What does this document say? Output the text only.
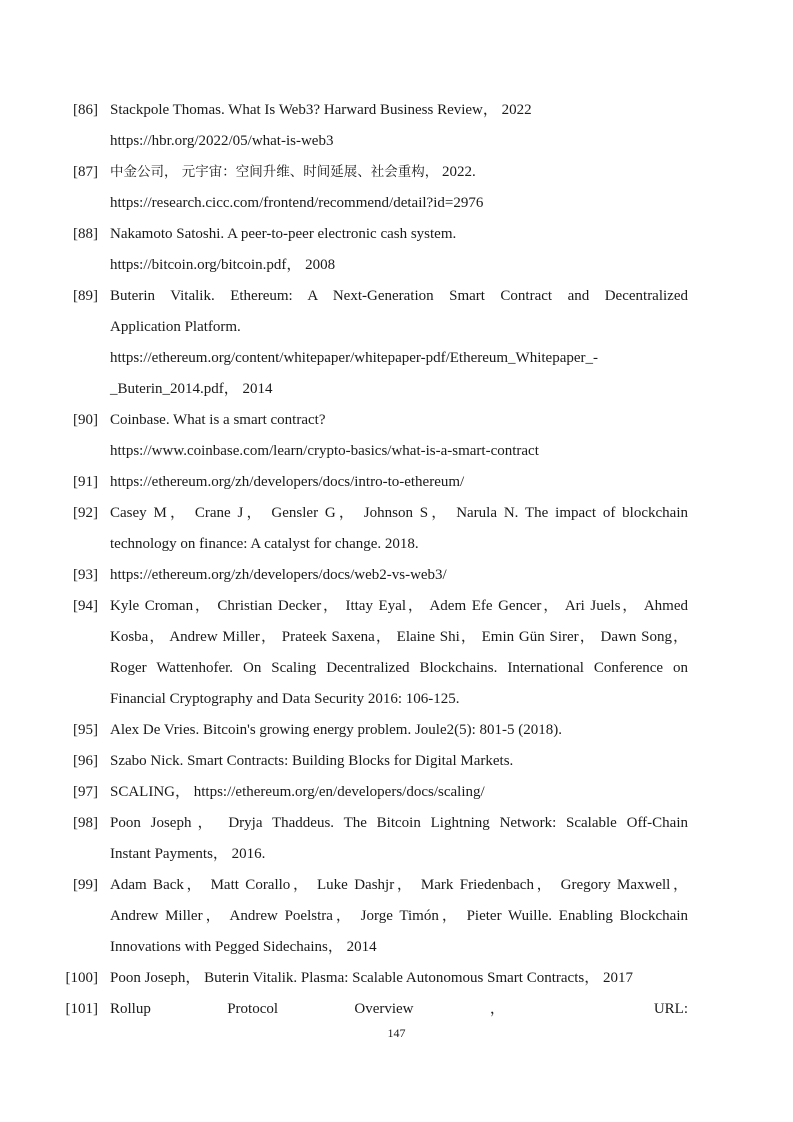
[86] Stackpole Thomas. What Is Web3? Harward Business Review， 2022
https://hbr.org/2022/05/what-is-web3
[87] 中金公司， 元宇宙：空间升维、时间延展、社会重构， 2022.
https://research.cicc.com/frontend/recommend/detail?id=2976
[88] Nakamoto Satoshi. A peer-to-peer electronic cash system.
https://bitcoin.org/bitcoin.pdf， 2008
[89] Buterin Vitalik. Ethereum: A Next-Generation Smart Contract and Decentralized
Application Platform.
https://ethereum.org/content/whitepaper/whitepaper-pdf/Ethereum_Whitepaper_-
_Buterin_2014.pdf， 2014
[90] Coinbase. What is a smart contract?
https://www.coinbase.com/learn/crypto-basics/what-is-a-smart-contract
[91] https://ethereum.org/zh/developers/docs/intro-to-ethereum/
[92] Casey M， Crane J， Gensler G， Johnson S， Narula N. The impact of blockchain
technology on finance: A catalyst for change. 2018.
[93] https://ethereum.org/zh/developers/docs/web2-vs-web3/
[94] Kyle Croman， Christian Decker， Ittay Eyal， Adem Efe Gencer， Ari Juels， Ahmed
Kosba， Andrew Miller， Prateek Saxena， Elaine Shi， Emin Gün Sirer， Dawn Song，
Roger Wattenhofer. On Scaling Decentralized Blockchains. International Conference on
Financial Cryptography and Data Security 2016: 106-125.
[95] Alex De Vries. Bitcoin's growing energy problem. Joule2(5): 801-5 (2018).
[96] Szabo Nick. Smart Contracts: Building Blocks for Digital Markets.
[97] SCALING， https://ethereum.org/en/developers/docs/scaling/
[98] Poon Joseph， Dryja Thaddeus. The Bitcoin Lightning Network: Scalable Off-Chain
Instant Payments， 2016.
[99] Adam Back， Matt Corallo， Luke Dashjr， Mark Friedenbach， Gregory Maxwell，
Andrew Miller， Andrew Poelstra， Jorge Timón， Pieter Wuille. Enabling Blockchain
Innovations with Pegged Sidechains， 2014
[100] Poon Joseph， Buterin Vitalik. Plasma: Scalable Autonomous Smart Contracts， 2017
[101] Rollup Protocol Overview ， URL:
147
